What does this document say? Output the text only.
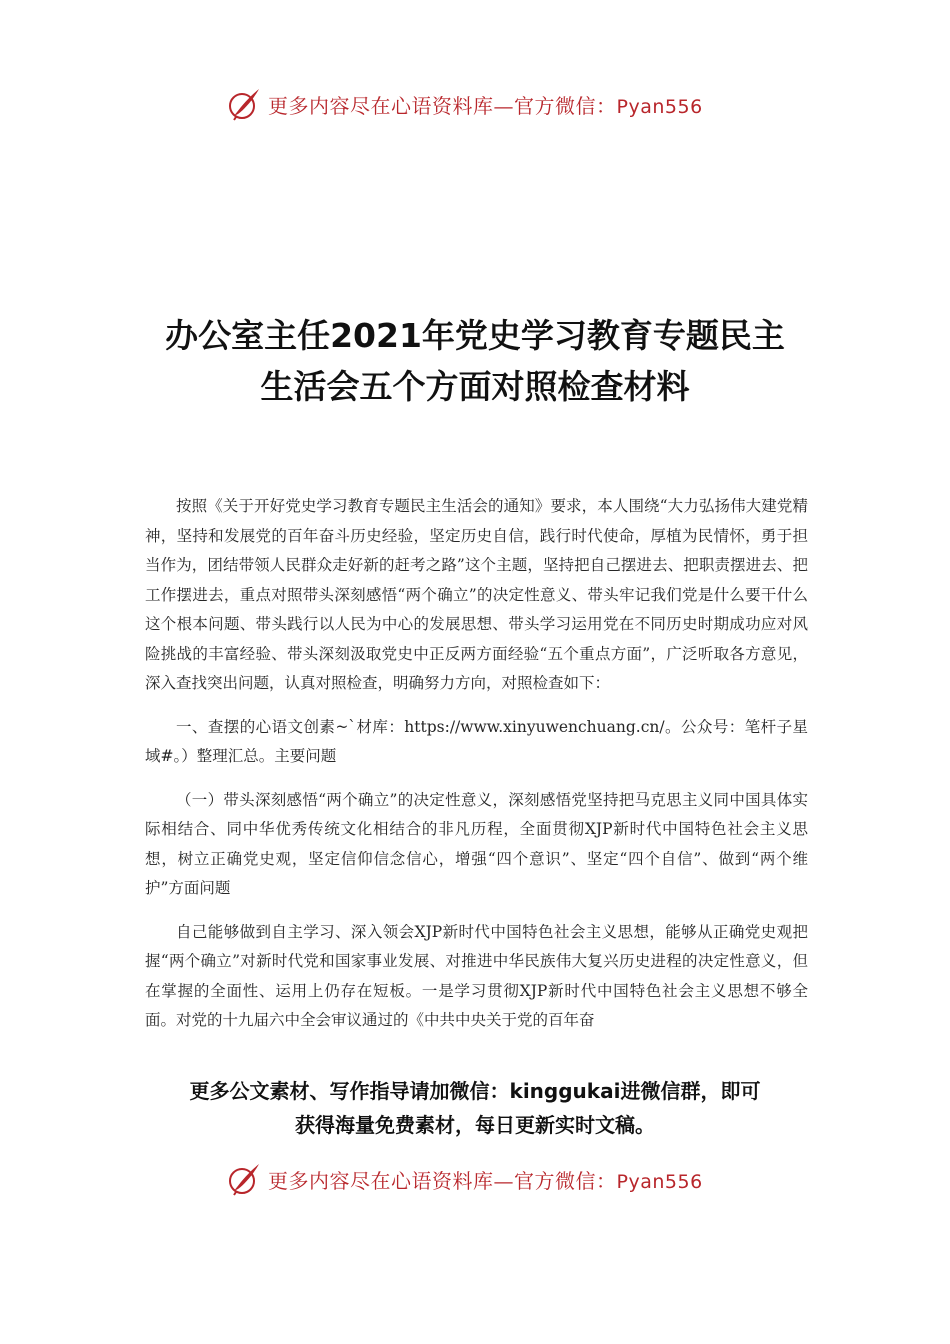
更多内容尽在心语资料库—官方微信：Pyan556
办公室主任2021年党史学习教育专题民主
生活会五个方面对照检查材料

按照《关于开好党史学习教育专题民主生活会的通知》要求，本人围绕“大力弘扬伟大建党精神，坚持和发展党的百年奋斗历史经验，坚定历史自信，践行时代使命，厚植为民情怀，勇于担当作为，团结带领人民群众走好新的赶考之路”这个主题，坚持把自己摆进去、把职责摆进去、把工作摆进去，重点对照带头深刻感悟“两个确立”的决定性意义、带头牢记我们党是什么要干什么这个根本问题、带头践行以人民为中心的发展思想、带头学习运用党在不同历史时期成功应对风险挑战的丰富经验、带头深刻汲取党史中正反两方面经验“五个重点方面”，广泛听取各方意见，深入查找突出问题，认真对照检查，明确努力方向，对照检查如下：

一、查摆的心语文创素~`材库：https://www.xinyuwenchuang.cn/。公众号：笔杆子星域#。）整理汇总。主要问题

（一）带头深刻感悟“两个确立”的决定性意义，深刻感悟党坚持把马克思主义同中国具体实际相结合、同中华优秀传统文化相结合的非凡历程，全面贯彻XJP新时代中国特色社会主义思想，树立正确党史观，坚定信仰信念信心，增强“四个意识”、坚定“四个自信”、做到“两个维护”方面问题

自己能够做到自主学习、深入领会XJP新时代中国特色社会主义思想，能够从正确党史观把握“两个确立”对新时代党和国家事业发展、对推进中华民族伟大复兴历史进程的决定性意义，但在掌握的全面性、运用上仍存在短板。一是学习贯彻XJP新时代中国特色社会主义思想不够全面。对党的十九届六中全会审议通过的《中共中央关于党的百年奋

更多公文素材、写作指导请加微信：kinggukai进微信群，即可
获得海量免费素材，每日更新实时文稿。

更多内容尽在心语资料库—官方微信：Pyan556
